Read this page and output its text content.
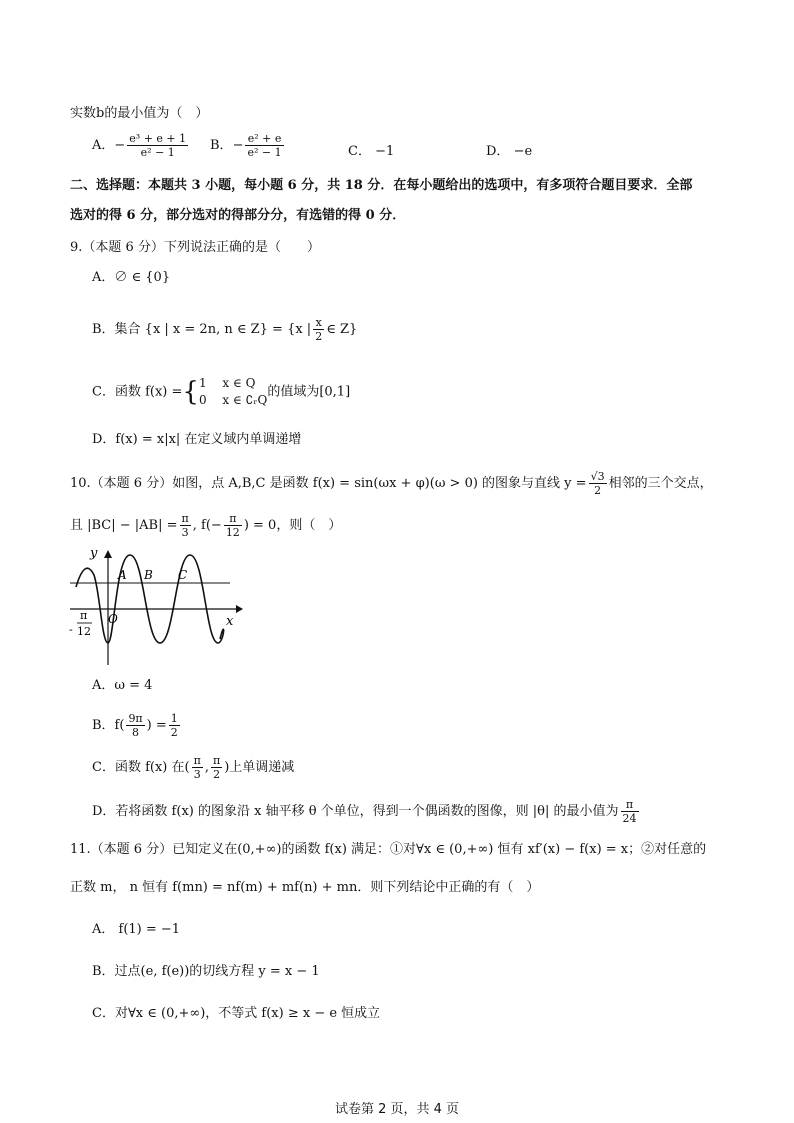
实数b的最小值为（　）
A．− $\frac{\text{e³ + e + 1}}{\text{e² − 1}}$ B．− $\frac{\text{e² + e}}{\text{e² − 1}}$	C． −1	D． −e
二、选择题：本题共 3 小题，每小题 6 分，共 18 分．在每小题给出的选项中，有多项符合题目要求．全部
选对的得 6 分，部分选对的得部分分，有选错的得 0 分．
9.（本题 6 分）下列说法正确的是（　　）
A．∅ ∈ {0}
B．集合 {x | x = 2n, n ∈ Z} = {x | $\frac{x}{2}$ ∈ Z}
C．函数 f(x) ={ 1　 x ∈ Q
0　 x ∈ ∁ᵣQ
的值域为[0,1]
D．f(x) = x|x| 在定义域内单调递增
10.（本题 6 分）如图，点 A,B,C 是函数 f(x) = sin(ωx + φ)(ω > 0) 的图象与直线 $y = \frac{√3}{2}$ 相邻的三个交点，
且 $|BC| - |AB| = \frac{\pi}{3}$ , $f(- \frac{\pi}{12}$ ) = 0，则（　）
y
x
O
A B C
-
π
12
A．ω = 4
B．$f( \frac{9\pi}{8}$ ) = $\frac{1}{2}$
C．函数 f(x) 在( $\frac{\pi}{3}$ , $\frac{\pi}{2}$ )上单调递减
D．若将函数 f(x) 的图象沿 x 轴平移 θ 个单位，得到一个偶函数的图像，则 |θ| 的最小值为 $\frac{\pi}{24}$
11.（本题 6 分）已知定义在(0,+∞)的函数 f(x) 满足：①对∀x ∈ (0,+∞) 恒有 xf′(x) − f(x) = x；②对任意的
正数 m， n 恒有 f(mn) = nf(m) + mf(n) + mn．则下列结论中正确的有（　）
A． f(1) = −1
B．过点(e, f(e))的切线方程 y = x − 1
C．对∀x ∈ (0,+∞)，不等式 f(x) ≥ x − e 恒成立
试卷第 2 页，共 4 页
